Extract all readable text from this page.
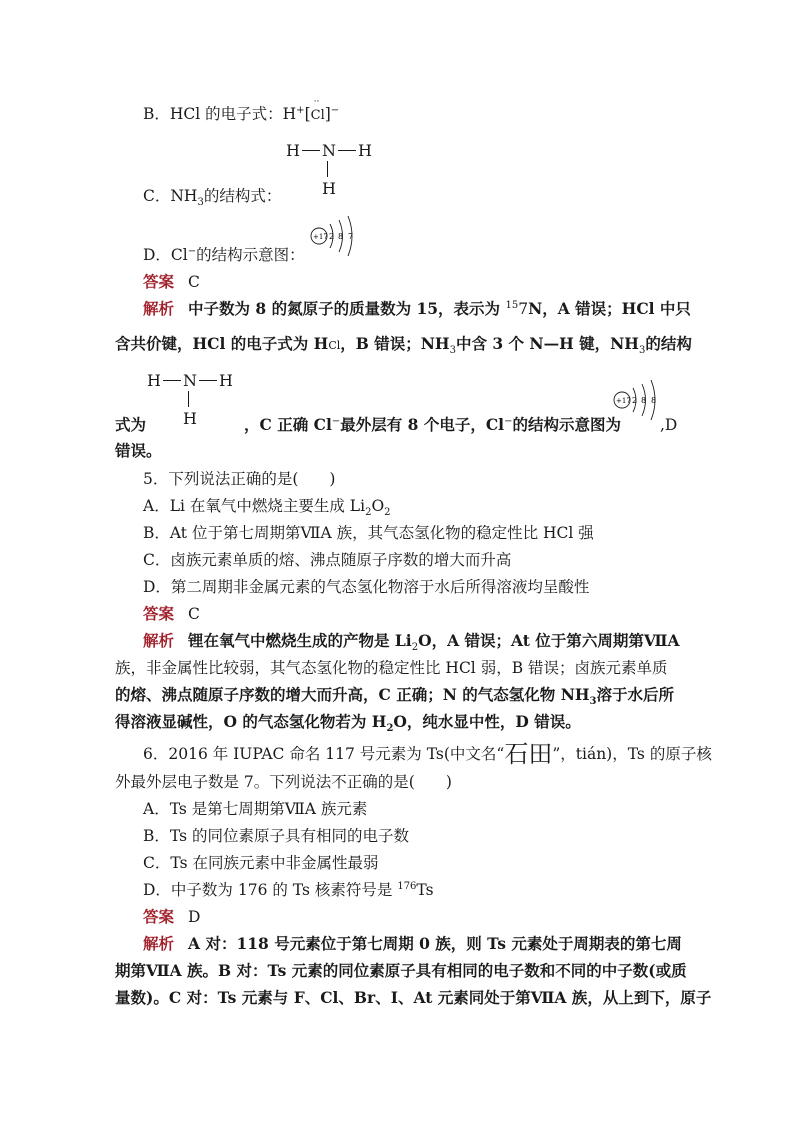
B．HCl 的电子式：H+[
··
Cl]−
H N H
H
C．$NH_3$的结构式：
+17 2 8 7
D．Cl−的结构示意图：
答案 C
解析 中子数为 8 的氮原子的质量数为 15，表示为 $^{15}$7N，A 错误；HCl 中只
含共价键，HCl 的电子式为 HCl，B 错误；$NH_3$中含 3 个 N—H 键，$NH_3$的结构
H N H
H
+17 2 8 8
式为	，C 正确 Cl−最外层有 8 个电子，Cl−的结构示意图为	,D
错误。
5．下列说法正确的是(　　)
A．Li 在氧气中燃烧主要生成 $Li_2O_2$
B．At 位于第七周期第ⅦA 族，其气态氢化物的稳定性比 HCl 强
C．卤族元素单质的熔、沸点随原子序数的增大而升高
D．第二周期非金属元素的气态氢化物溶于水后所得溶液均呈酸性
答案 C
解析 锂在氧气中燃烧生成的产物是 $Li_2O$，A 错误；At 位于第六周期第ⅦA
族，非金属性比较弱，其气态氢化物的稳定性比 HCl 弱，B 错误；卤族元素单质
的熔、沸点随原子序数的增大而升高，C 正确；N 的气态氢化物 $NH_3$溶于水后所
得溶液显碱性，O 的气态氢化物若为 $H_2O$，纯水显中性，D 错误。
6．2016 年 IUPAC 命名 117 号元素为 Ts(中文名“石田”，tián)，Ts 的原子核
外最外层电子数是 7。下列说法不正确的是(　　)
A．Ts 是第七周期第ⅦA 族元素
B．Ts 的同位素原子具有相同的电子数
C．Ts 在同族元素中非金属性最弱
D．中子数为 176 的 Ts 核素符号是 $^{176}$Ts
答案 D
解析 A 对：118 号元素位于第七周期 0 族，则 Ts 元素处于周期表的第七周
期第ⅦA 族。B 对：Ts 元素的同位素原子具有相同的电子数和不同的中子数(或质
量数)。C 对：Ts 元素与 F、Cl、Br、I、At 元素同处于第ⅦA 族，从上到下，原子
